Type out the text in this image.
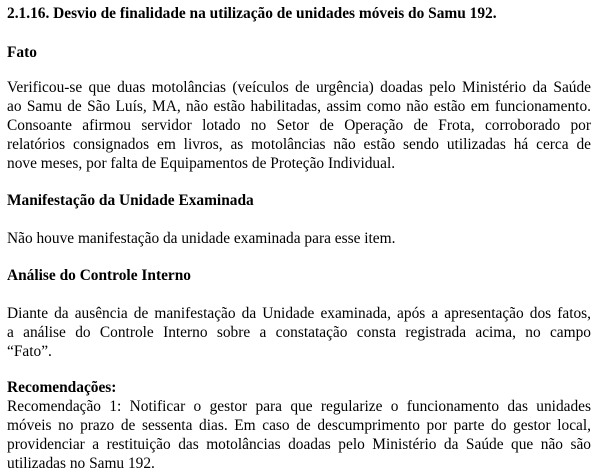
2.1.16. Desvio de finalidade na utilização de unidades móveis do Samu 192.
Fato
Verificou-se que duas motolâncias (veículos de urgência) doadas pelo Ministério da Saúde
ao Samu de São Luís, MA, não estão habilitadas, assim como não estão em funcionamento.
Consoante afirmou servidor lotado no Setor de Operação de Frota, corroborado por
relatórios consignados em livros, as motolâncias não estão sendo utilizadas há cerca de
nove meses, por falta de Equipamentos de Proteção Individual.
Manifestação da Unidade Examinada
Não houve manifestação da unidade examinada para esse item.
Análise do Controle Interno
Diante da ausência de manifestação da Unidade examinada, após a apresentação dos fatos,
a análise do Controle Interno sobre a constatação consta registrada acima, no campo
“Fato”.
Recomendações:
Recomendação 1: Notificar o gestor para que regularize o funcionamento das unidades
móveis no prazo de sessenta dias. Em caso de descumprimento por parte do gestor local,
providenciar a restituição das motolâncias doadas pelo Ministério da Saúde que não são
utilizadas no Samu 192.
